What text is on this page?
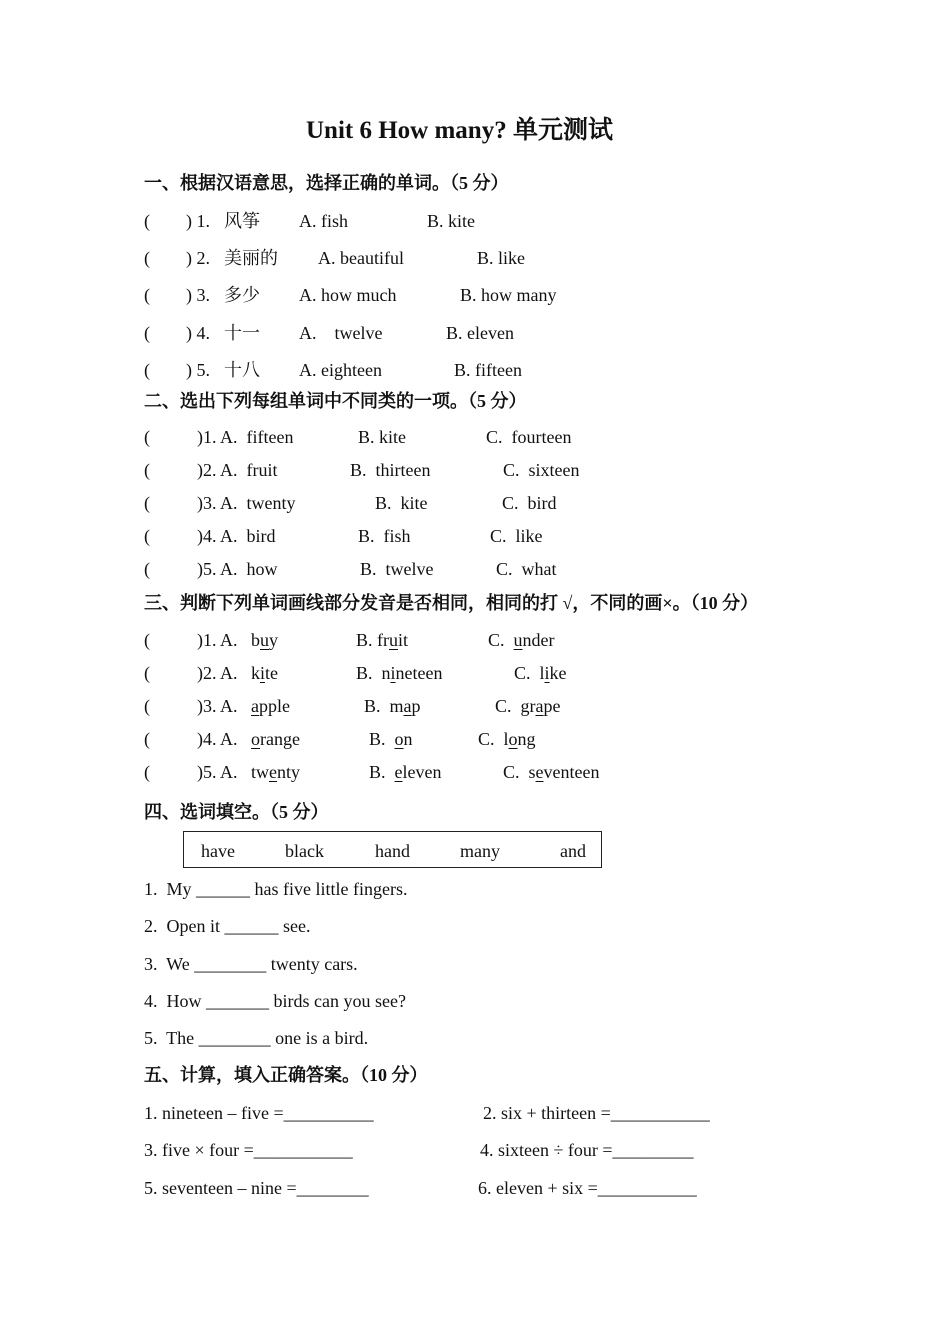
Unit 6 How many? 单元测试
一、根据汉语意思，选择正确的单词。（5 分）
( ) 1. 风筝 A. fish	B. kite
( ) 2. 美丽的 A. beautiful	B. like
( ) 3. 多少 A. how much	B. how many
( ) 4. 十一 A.    twelve	B. eleven
( ) 5. 十八 A. eighteen	B. fifteen
二、选出下列每组单词中不同类的一项。（5 分）
(	)1. A.  fifteen	B. kite	C.  fourteen
(	)2. A.  fruit	B.  thirteen	C.  sixteen
(	)3. A.  twenty	B.  kite	C.  bird
(	)4. A.  bird	B.  fish	C.  like
(	)5. A.  how	B.  twelve	C.  what
三、判断下列单词画线部分发音是否相同，相同的打 √，不同的画×。（10 分）
(	)1. A. buy	B. fruit	C.  under
(	)2. A. kite	B.  nineteen	C.  like
(	)3. A. apple	B.  map	C.  grape
(	)4. A. orange	B.  on	C.  long
(	)5. A. twenty	B.  eleven	C.  seventeen
四、选词填空。（5 分）
have	black	hand	many	and
1.  My ______ has five little fingers.
2.  Open it ______ see.
3.  We ________ twenty cars.
4.  How _______ birds can you see?
5.  The ________ one is a bird.
五、计算，填入正确答案。（10 分）
1. nineteen – five =__________	2. six + thirteen =___________
3. five × four =___________	4. sixteen ÷ four =_________
5. seventeen – nine =________	6. eleven + six =___________
